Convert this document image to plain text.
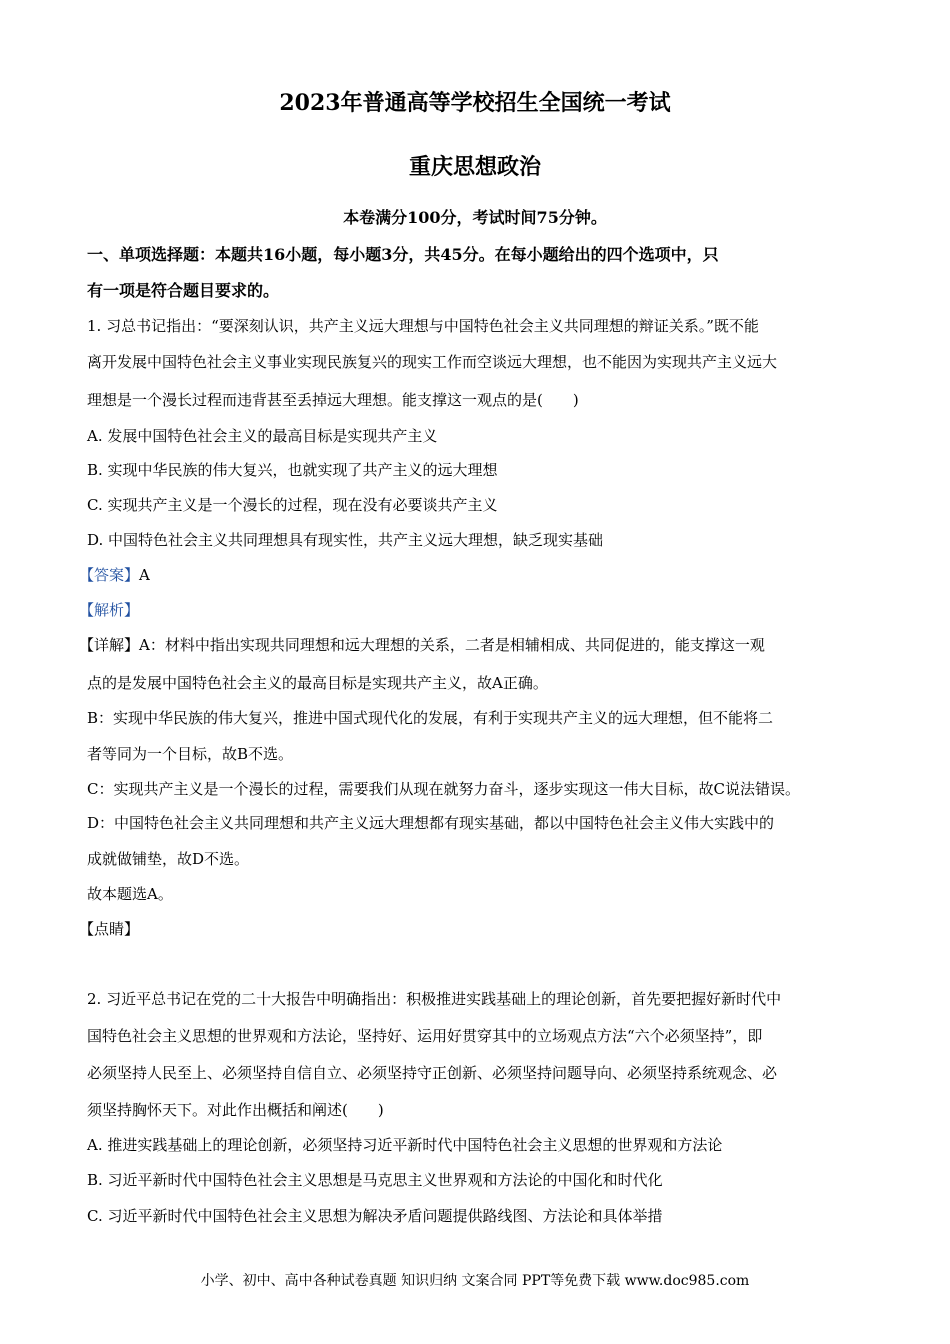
2023年普通高等学校招生全国统一考试
重庆思想政治
本卷满分100分，考试时间75分钟。
一、单项选择题：本题共16小题，每小题3分，共45分。在每小题给出的四个选项中，只
有一项是符合题目要求的。
1. 习总书记指出：“要深刻认识，共产主义远大理想与中国特色社会主义共同理想的辩证关系。”既不能
离开发展中国特色社会主义事业实现民族复兴的现实工作而空谈远大理想，也不能因为实现共产主义远大
理想是一个漫长过程而违背甚至丢掉远大理想。能支撑这一观点的是(　　)
A. 发展中国特色社会主义的最高目标是实现共产主义
B. 实现中华民族的伟大复兴，也就实现了共产主义的远大理想
C. 实现共产主义是一个漫长的过程，现在没有必要谈共产主义
D. 中国特色社会主义共同理想具有现实性，共产主义远大理想，缺乏现实基础
【答案】A
【解析】
【详解】A：材料中指出实现共同理想和远大理想的关系，二者是相辅相成、共同促进的，能支撑这一观
点的是发展中国特色社会主义的最高目标是实现共产主义，故A正确。
B：实现中华民族的伟大复兴，推进中国式现代化的发展，有利于实现共产主义的远大理想，但不能将二
者等同为一个目标，故B不选。
C：实现共产主义是一个漫长的过程，需要我们从现在就努力奋斗，逐步实现这一伟大目标，故C说法错误。
D：中国特色社会主义共同理想和共产主义远大理想都有现实基础，都以中国特色社会主义伟大实践中的
成就做铺垫，故D不选。
故本题选A。
【点睛】
2. 习近平总书记在党的二十大报告中明确指出：积极推进实践基础上的理论创新，首先要把握好新时代中
国特色社会主义思想的世界观和方法论，坚持好、运用好贯穿其中的立场观点方法“六个必须坚持”，即
必须坚持人民至上、必须坚持自信自立、必须坚持守正创新、必须坚持问题导向、必须坚持系统观念、必
须坚持胸怀天下。对此作出概括和阐述(　　)
A. 推进实践基础上的理论创新，必须坚持习近平新时代中国特色社会主义思想的世界观和方法论
B. 习近平新时代中国特色社会主义思想是马克思主义世界观和方法论的中国化和时代化
C. 习近平新时代中国特色社会主义思想为解决矛盾问题提供路线图、方法论和具体举措
小学、初中、高中各种试卷真题 知识归纳 文案合同 PPT等免费下载 www.doc985.com
